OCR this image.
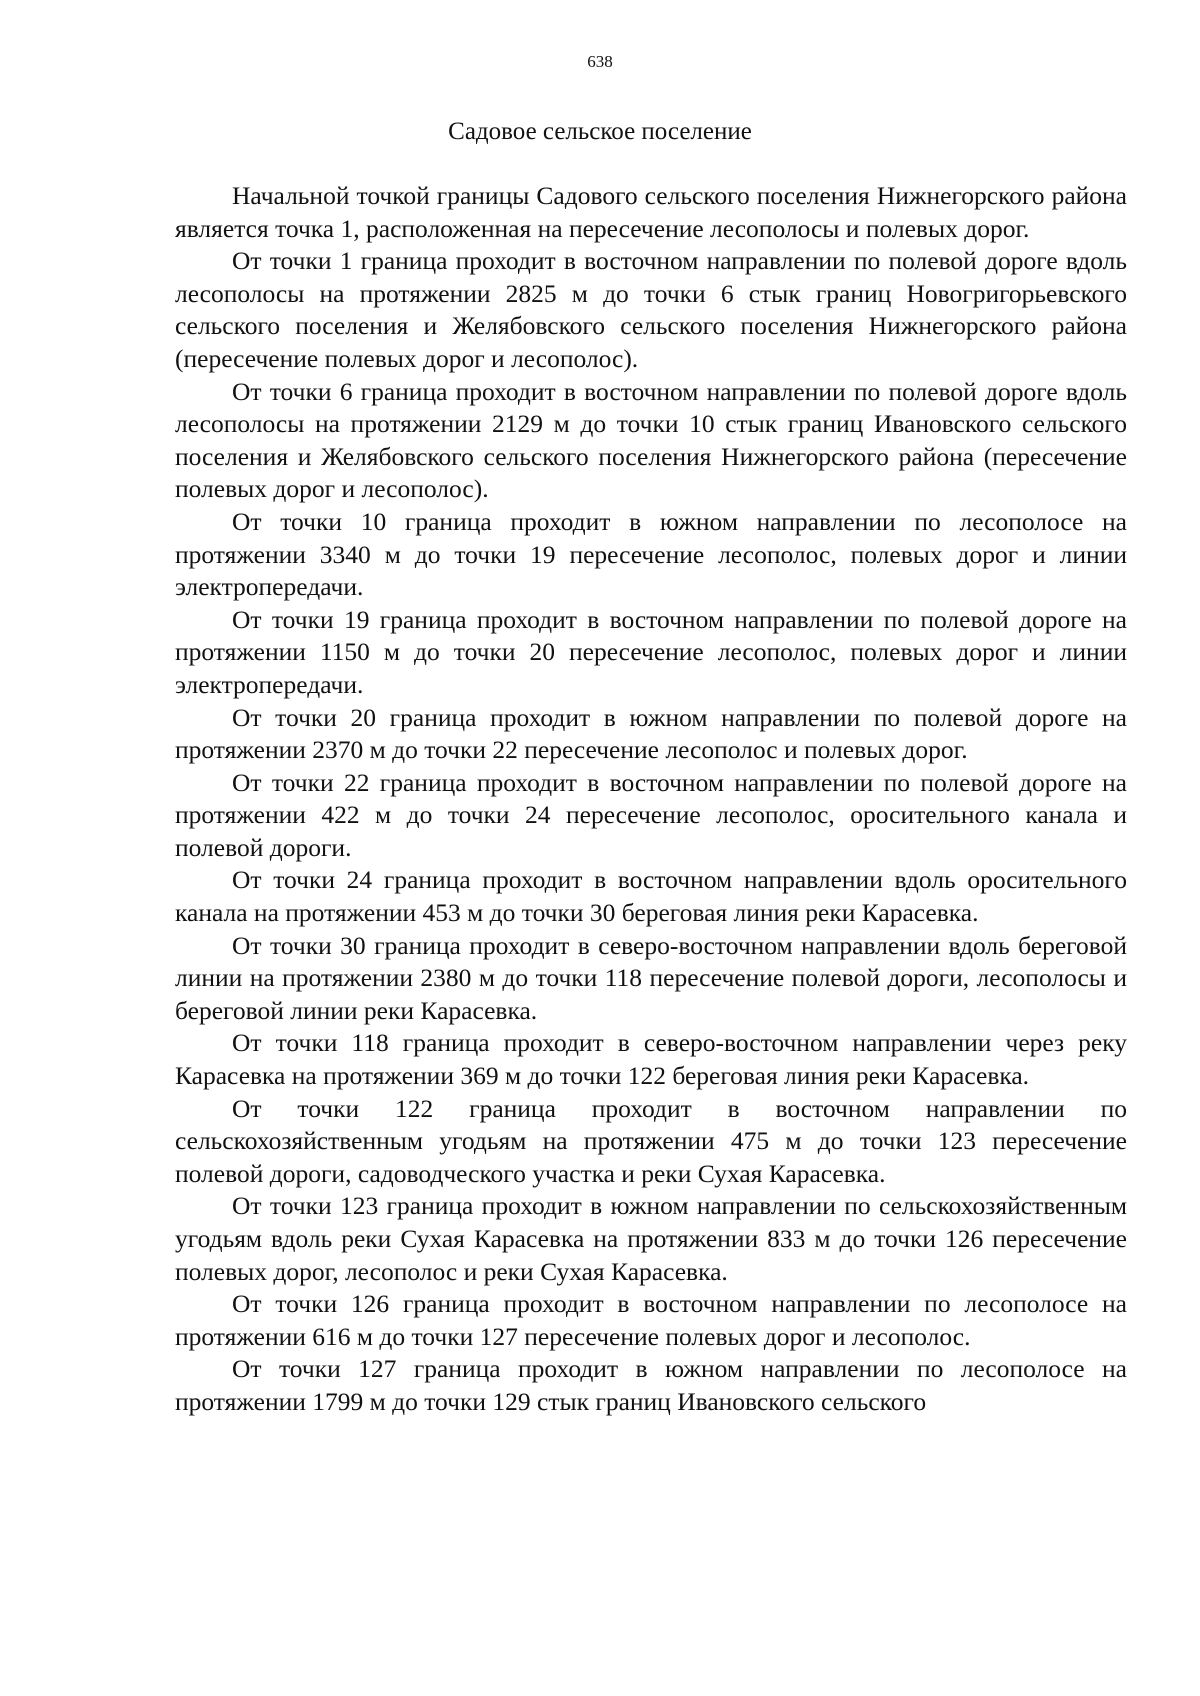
638
Садовое сельское поселение

Начальной точкой границы Садового сельского поселения Нижнегорского района является точка 1, расположенная на пересечение лесополосы и полевых дорог.

От точки 1 граница проходит в восточном направлении по полевой дороге вдоль лесополосы на протяжении 2825 м до точки 6 стык границ Новогригорьевского сельского поселения и Желябовского сельского поселения Нижнегорского района (пересечение полевых дорог и лесополос).

От точки 6 граница проходит в восточном направлении по полевой дороге вдоль лесополосы на протяжении 2129 м до точки 10 стык границ Ивановского сельского поселения и Желябовского сельского поселения Нижнегорского района (пересечение полевых дорог и лесополос).

От точки 10 граница проходит в южном направлении по лесополосе на протяжении 3340 м до точки 19 пересечение лесополос, полевых дорог и линии электропередачи.

От точки 19 граница проходит в восточном направлении по полевой дороге на протяжении 1150 м до точки 20 пересечение лесополос, полевых дорог и линии электропередачи.

От точки 20 граница проходит в южном направлении по полевой дороге на протяжении 2370 м до точки 22 пересечение лесополос и полевых дорог.

От точки 22 граница проходит в восточном направлении по полевой дороге на протяжении 422 м до точки 24 пересечение лесополос, оросительного канала и полевой дороги.

От точки 24 граница проходит в восточном направлении вдоль оросительного канала на протяжении 453 м до точки 30 береговая линия реки Карасевка.

От точки 30 граница проходит в северо-восточном направлении вдоль береговой линии на протяжении 2380 м до точки 118 пересечение полевой дороги, лесополосы и береговой линии реки Карасевка.

От точки 118 граница проходит в северо-восточном направлении через реку Карасевка на протяжении 369 м до точки 122 береговая линия реки Карасевка.

От точки 122 граница проходит в восточном направлении по сельскохозяйственным угодьям на протяжении 475 м до точки 123 пересечение полевой дороги, садоводческого участка и реки Сухая Карасевка.

От точки 123 граница проходит в южном направлении по сельскохозяйственным угодьям вдоль реки Сухая Карасевка на протяжении 833 м до точки 126 пересечение полевых дорог, лесополос и реки Сухая Карасевка.

От точки 126 граница проходит в восточном направлении по лесополосе на протяжении 616 м до точки 127 пересечение полевых дорог и лесополос.

От точки 127 граница проходит в южном направлении по лесополосе на протяжении 1799 м до точки 129 стык границ Ивановского сельского
